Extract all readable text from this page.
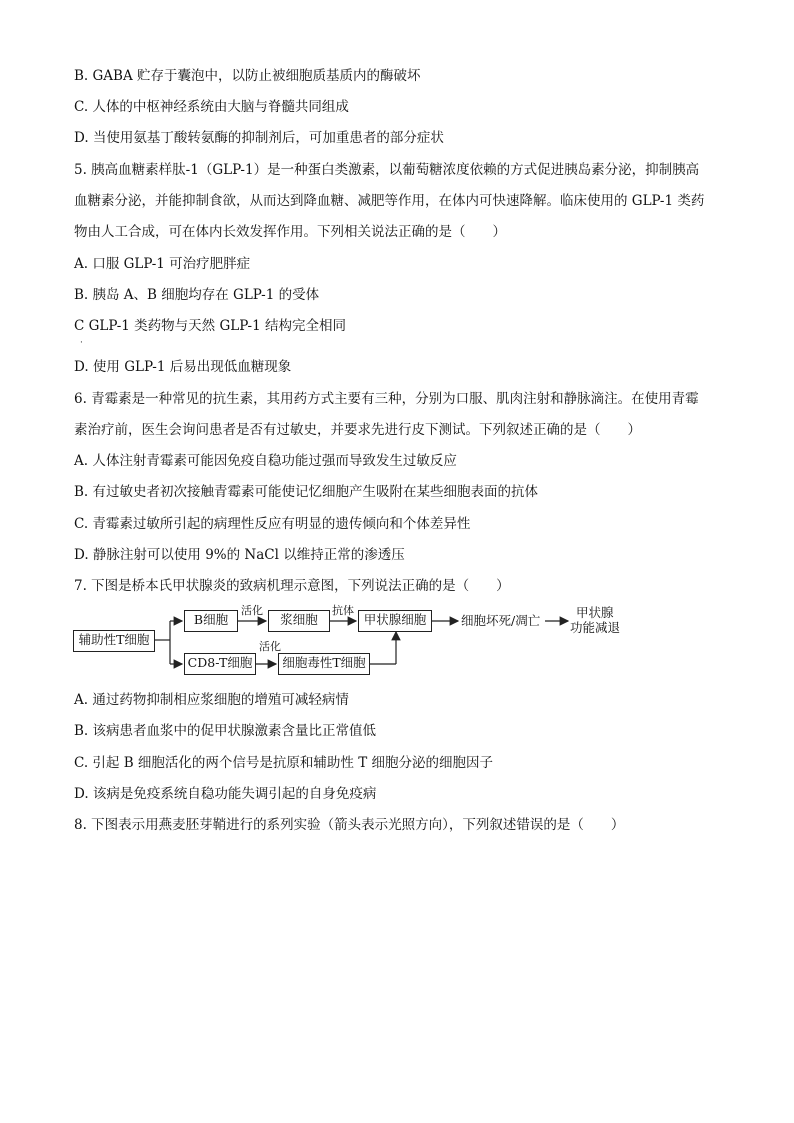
B. GABA 贮存于囊泡中，以防止被细胞质基质内的酶破坏
C. 人体的中枢神经系统由大脑与脊髓共同组成
D. 当使用氨基丁酸转氨酶的抑制剂后，可加重患者的部分症状
5. 胰高血糖素样肽-1（GLP-1）是一种蛋白类激素，以葡萄糖浓度依赖的方式促进胰岛素分泌，抑制胰高
血糖素分泌，并能抑制食欲，从而达到降血糖、减肥等作用，在体内可快速降解。临床使用的 GLP-1 类药
物由人工合成，可在体内长效发挥作用。下列相关说法正确的是（　　）
A. 口服 GLP-1 可治疗肥胖症
B. 胰岛 A、B 细胞均存在 GLP-1 的受体
C GLP-1 类药物与天然 GLP-1 结构完全相同
·
D. 使用 GLP-1 后易出现低血糖现象
6. 青霉素是一种常见的抗生素，其用药方式主要有三种，分别为口服、肌肉注射和静脉滴注。在使用青霉
素治疗前，医生会询问患者是否有过敏史，并要求先进行皮下测试。下列叙述正确的是（　　）
A. 人体注射青霉素可能因免疫自稳功能过强而导致发生过敏反应
B. 有过敏史者初次接触青霉素可能使记忆细胞产生吸附在某些细胞表面的抗体
C. 青霉素过敏所引起的病理性反应有明显的遗传倾向和个体差异性
D. 静脉注射可以使用 9%的 NaCl 以维持正常的渗透压
7. 下图是桥本氏甲状腺炎的致病机理示意图，下列说法正确的是（　　）
辅助性T细胞
B细胞	浆细胞	甲状腺细胞
CD8-T细胞	细胞毒性T细胞
活化	抗体
活化
细胞坏死/凋亡
甲状腺
功能减退
A. 通过药物抑制相应浆细胞的增殖可减轻病情
B. 该病患者血浆中的促甲状腺激素含量比正常值低
C. 引起 B 细胞活化的两个信号是抗原和辅助性 T 细胞分泌的细胞因子
D. 该病是免疫系统自稳功能失调引起的自身免疫病
8. 下图表示用燕麦胚芽鞘进行的系列实验（箭头表示光照方向），下列叙述错误的是（　　）
